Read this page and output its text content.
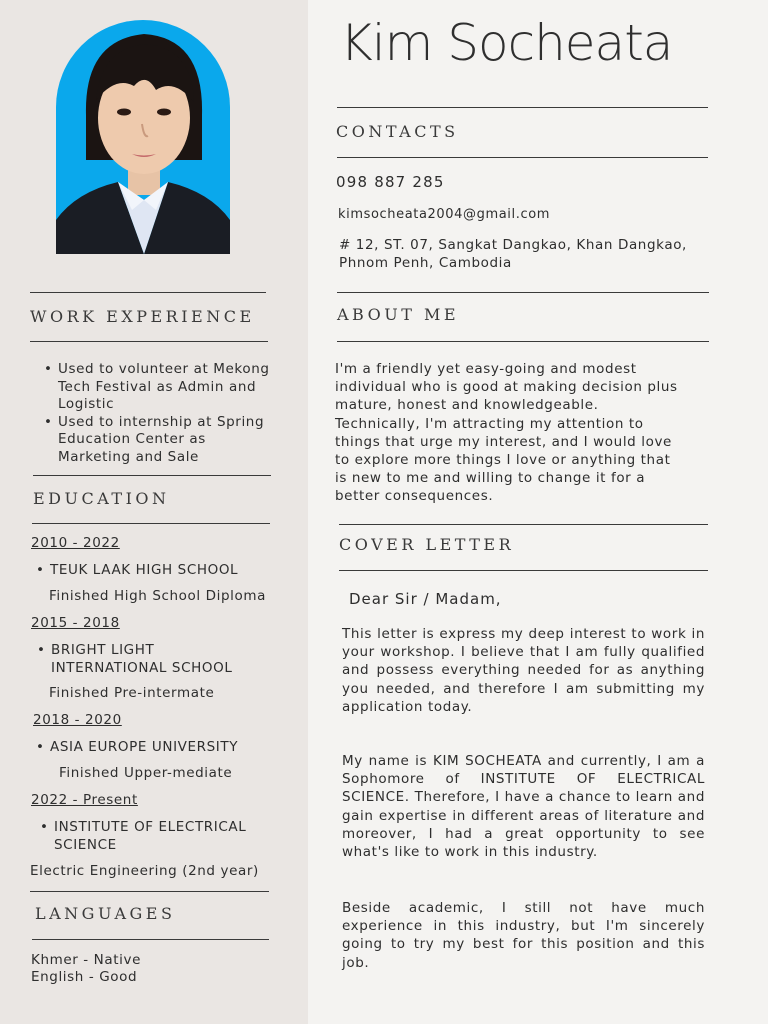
Kim Socheata
CONTACTS
098 887 285
kimsocheata2004@gmail.com
# 12, ST. 07, Sangkat Dangkao, Khan Dangkao,
Phnom Penh, Cambodia
ABOUT ME
I'm a friendly yet easy-going and modest individual who is good at making decision plus mature, honest and knowledgeable. Technically, I'm attracting my attention to things that urge my interest, and I would love to explore more things I love or anything that is new to me and willing to change it for a better consequences.
COVER LETTER
Dear Sir / Madam,
This letter is express my deep interest to work in your workshop. I believe that I am fully qualified and possess everything needed for as anything you needed, and therefore I am submitting my application today.
My name is KIM SOCHEATA and currently, I am a Sophomore of INSTITUTE OF ELECTRICAL SCIENCE. Therefore, I have a chance to learn and gain expertise in different areas of literature and moreover, I had a great opportunity to see what's like to work in this industry.
Beside academic, I still not have much experience in this industry, but I'm sincerely going to try my best for this position and this job.
WORK EXPERIENCE
• Used to volunteer at Mekong Tech Festival as Admin and Logistic
• Used to internship at Spring Education Center as Marketing and Sale
EDUCATION
2010 - 2022
• TEUK LAAK HIGH SCHOOL
Finished High School Diploma
2015 - 2018
• BRIGHT LIGHT INTERNATIONAL SCHOOL
Finished Pre-intermate
2018 - 2020
• ASIA EUROPE UNIVERSITY
Finished Upper-mediate
2022 - Present
• INSTITUTE OF ELECTRICAL SCIENCE
Electric Engineering (2nd year)
LANGUAGES
Khmer - Native
English - Good
